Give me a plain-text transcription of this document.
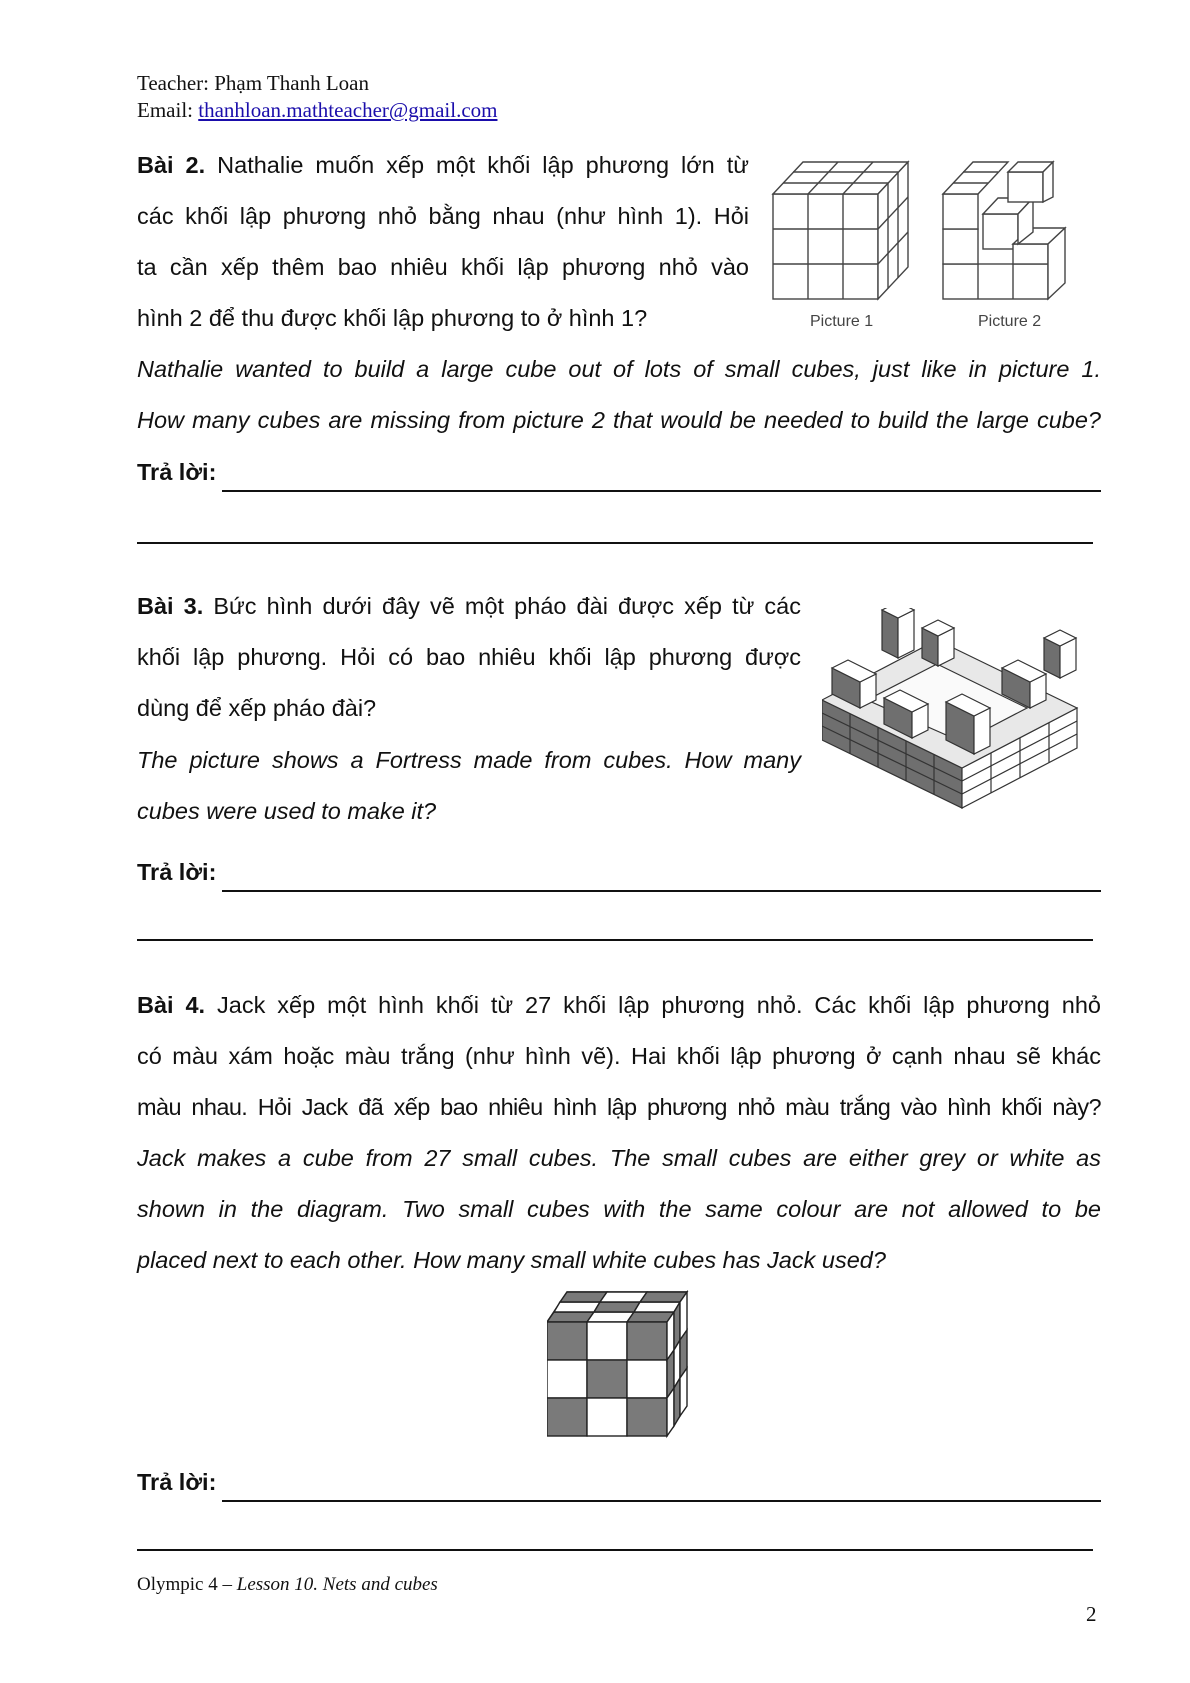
Teacher: Phạm Thanh Loan
Email: thanhloan.mathteacher@gmail.com
Bài 2. Nathalie muốn xếp một khối lập phương lớn từ
các khối lập phương nhỏ bằng nhau (như hình 1). Hỏi
ta cần xếp thêm bao nhiêu khối lập phương nhỏ vào
hình 2 để thu được khối lập phương to ở hình 1?	Picture 1	Picture 2
Nathalie wanted to build a large cube out of lots of small cubes, just like in picture 1.
How many cubes are missing from picture 2 that would be needed to build the large cube?
Trả lời:
Bài 3. Bức hình dưới đây vẽ một pháo đài được xếp từ các
khối lập phương. Hỏi có bao nhiêu khối lập phương được
dùng để xếp pháo đài?
The picture shows a Fortress made from cubes. How many
cubes were used to make it?
Trả lời:
Bài 4. Jack xếp một hình khối từ 27 khối lập phương nhỏ. Các khối lập phương nhỏ
có màu xám hoặc màu trắng (như hình vẽ). Hai khối lập phương ở cạnh nhau sẽ khác
màu nhau. Hỏi Jack đã xếp bao nhiêu hình lập phương nhỏ màu trắng vào hình khối này?
Jack makes a cube from 27 small cubes. The small cubes are either grey or white as
shown in the diagram. Two small cubes with the same colour are not allowed to be
placed next to each other. How many small white cubes has Jack used?
Trả lời:
Olympic 4 – Lesson 10. Nets and cubes
2
